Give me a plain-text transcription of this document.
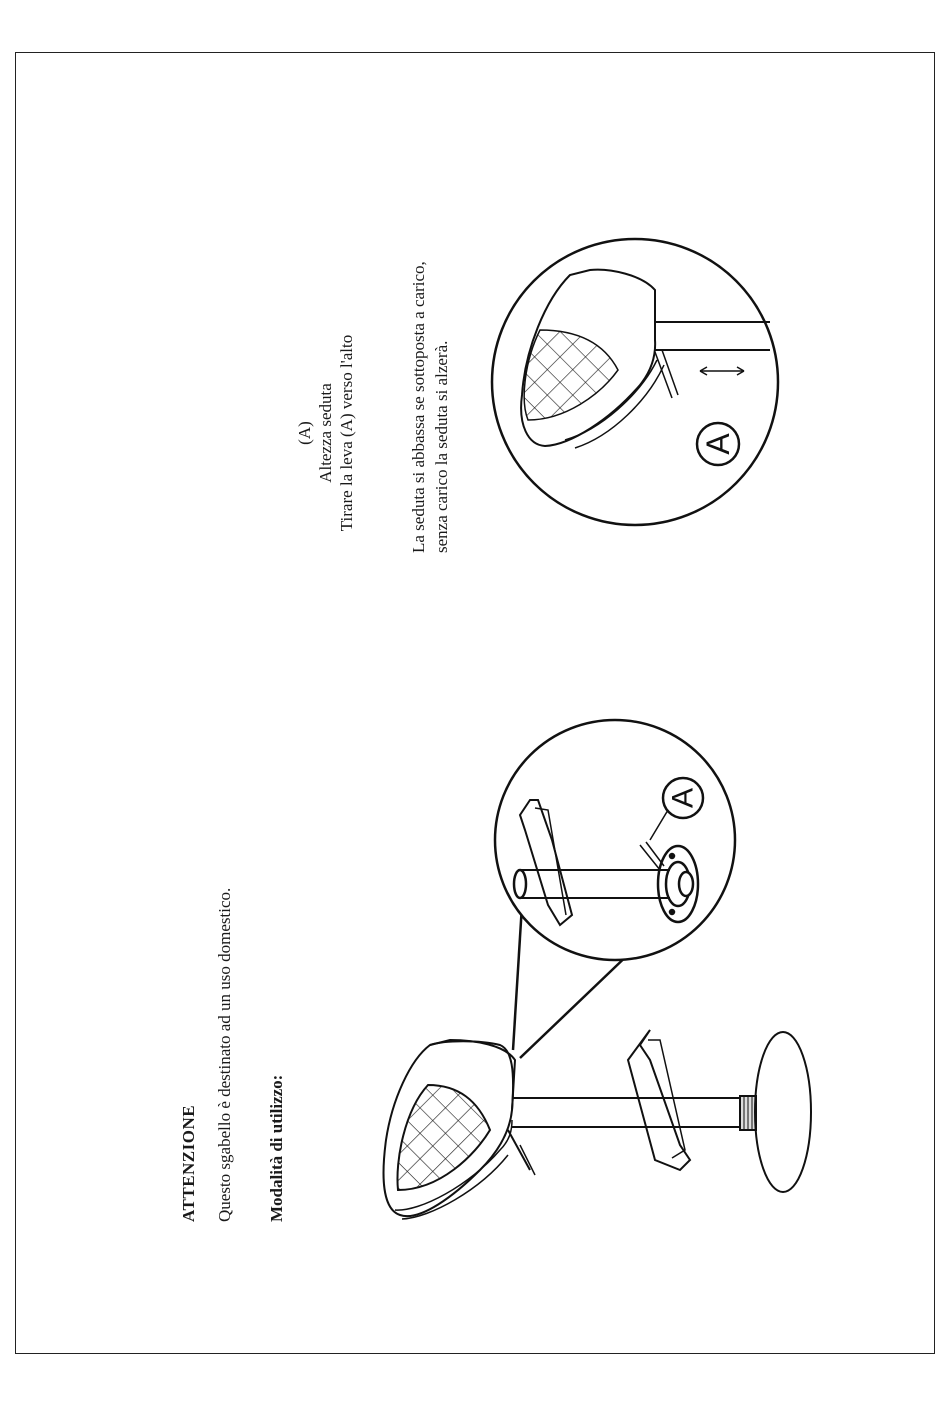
ATTENZIONE Questo sgabello è destinato ad un uso domestico. Modalità di utilizzo:
(A) Altezza seduta Tirare la leva (A) verso l'alto	La seduta si abbassa se sottoposta a carico, senza carico la seduta si alzerà.
A
A
